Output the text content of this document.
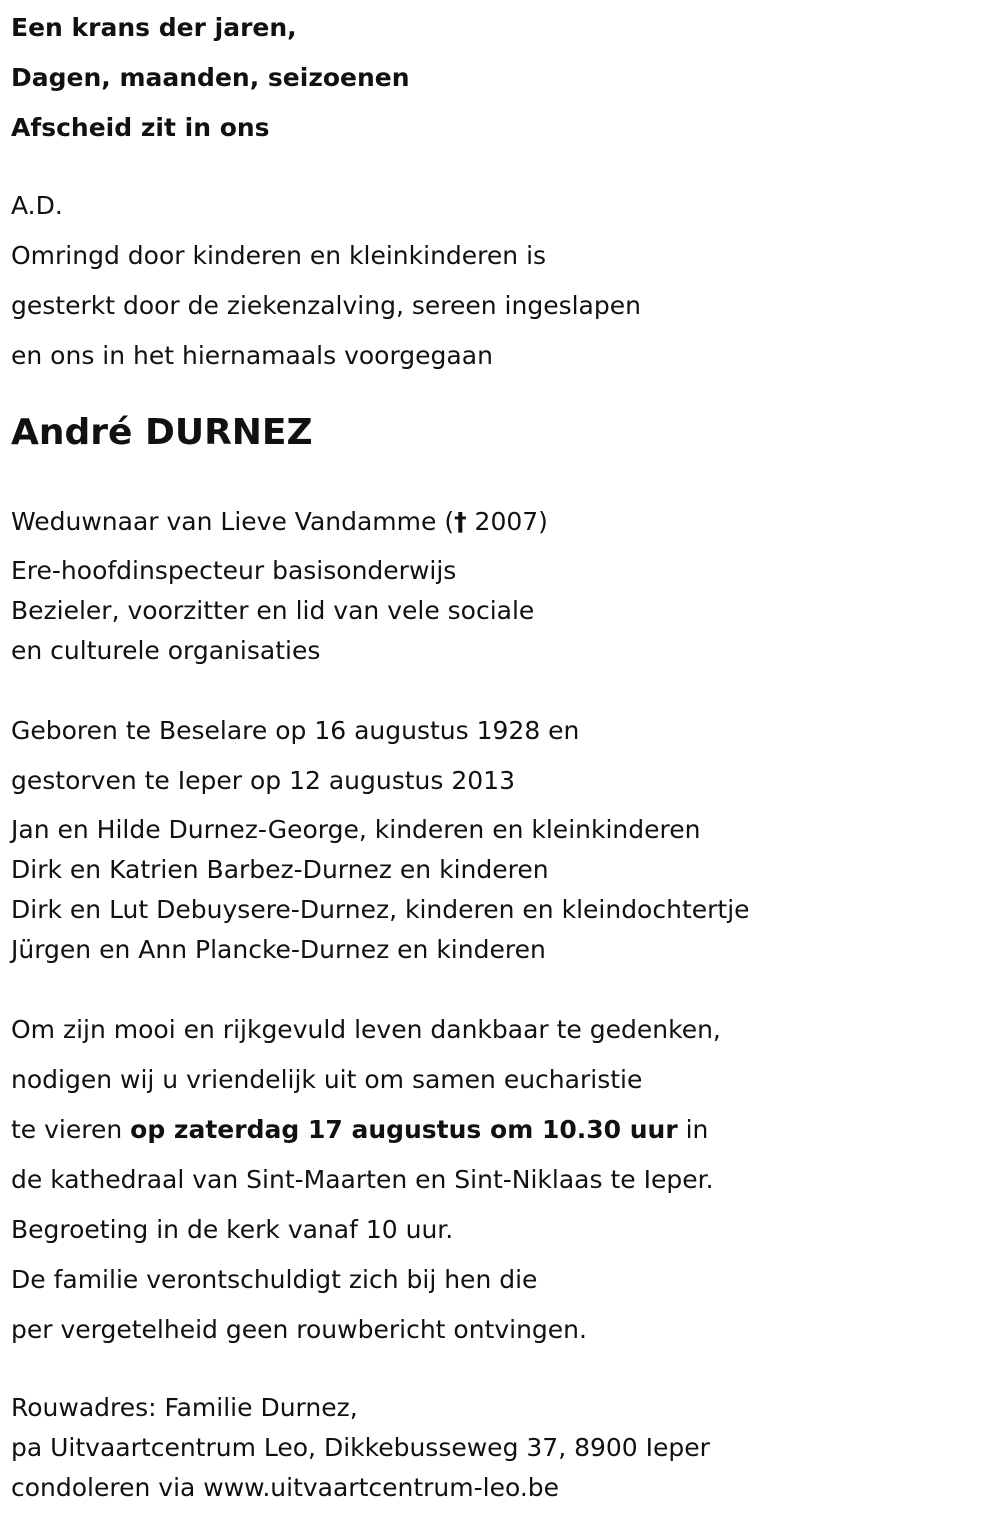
Een krans der jaren,
Dagen, maanden, seizoenen
Afscheid zit in ons
A.D.
Omringd door kinderen en kleinkinderen is
gesterkt door de ziekenzalving, sereen ingeslapen
en ons in het hiernamaals voorgegaan
André DURNEZ
Weduwnaar van Lieve Vandamme († 2007)
Ere-hoofdinspecteur basisonderwijs
Bezieler, voorzitter en lid van vele sociale
en culturele organisaties
Geboren te Beselare op 16 augustus 1928 en
gestorven te Ieper op 12 augustus 2013
Jan en Hilde Durnez-George, kinderen en kleinkinderen
Dirk en Katrien Barbez-Durnez en kinderen
Dirk en Lut Debuysere-Durnez, kinderen en kleindochtertje
Jürgen en Ann Plancke-Durnez en kinderen
Om zijn mooi en rijkgevuld leven dankbaar te gedenken,
nodigen wij u vriendelijk uit om samen eucharistie
te vieren op zaterdag 17 augustus om 10.30 uur in
de kathedraal van Sint-Maarten en Sint-Niklaas te Ieper.
Begroeting in de kerk vanaf 10 uur.
De familie verontschuldigt zich bij hen die
per vergetelheid geen rouwbericht ontvingen.
Rouwadres: Familie Durnez,
pa Uitvaartcentrum Leo, Dikkebusseweg 37, 8900 Ieper
condoleren via www.uitvaartcentrum-leo.be
